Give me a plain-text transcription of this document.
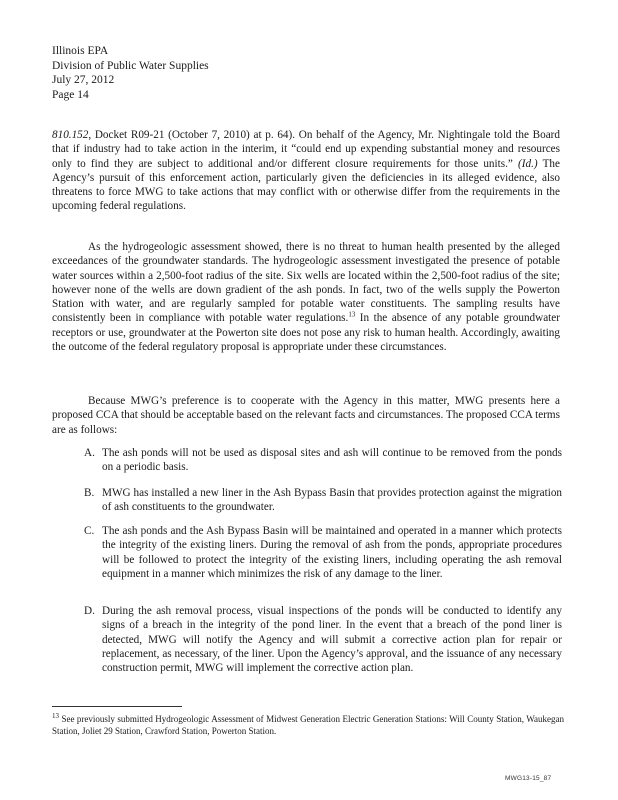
Illinois EPA
Division of Public Water Supplies
July 27, 2012
Page 14
810.152, Docket R09-21 (October 7, 2010) at p. 64). On behalf of the Agency, Mr. Nightingale told the Board that if industry had to take action in the interim, it “could end up expending substantial money and resources only to find they are subject to additional and/or different closure requirements for those units.” (Id.) The Agency’s pursuit of this enforcement action, particularly given the deficiencies in its alleged evidence, also threatens to force MWG to take actions that may conflict with or otherwise differ from the requirements in the upcoming federal regulations.
As the hydrogeologic assessment showed, there is no threat to human health presented by the alleged exceedances of the groundwater standards. The hydrogeologic assessment investigated the presence of potable water sources within a 2,500-foot radius of the site. Six wells are located within the 2,500-foot radius of the site; however none of the wells are down gradient of the ash ponds. In fact, two of the wells supply the Powerton Station with water, and are regularly sampled for potable water constituents. The sampling results have consistently been in compliance with potable water regulations.$^{13}$ In the absence of any potable groundwater receptors or use, groundwater at the Powerton site does not pose any risk to human health. Accordingly, awaiting the outcome of the federal regulatory proposal is appropriate under these circumstances.
Because MWG’s preference is to cooperate with the Agency in this matter, MWG presents here a proposed CCA that should be acceptable based on the relevant facts and circumstances. The proposed CCA terms are as follows:
A. The ash ponds will not be used as disposal sites and ash will continue to be removed from the ponds on a periodic basis.
B. MWG has installed a new liner in the Ash Bypass Basin that provides protection against the migration of ash constituents to the groundwater.
C. The ash ponds and the Ash Bypass Basin will be maintained and operated in a manner which protects the integrity of the existing liners. During the removal of ash from the ponds, appropriate procedures will be followed to protect the integrity of the existing liners, including operating the ash removal equipment in a manner which minimizes the risk of any damage to the liner.
D. During the ash removal process, visual inspections of the ponds will be conducted to identify any signs of a breach in the integrity of the pond liner. In the event that a breach of the pond liner is detected, MWG will notify the Agency and will submit a corrective action plan for repair or replacement, as necessary, of the liner. Upon the Agency’s approval, and the issuance of any necessary construction permit, MWG will implement the corrective action plan.
$^{13}$ See previously submitted Hydrogeologic Assessment of Midwest Generation Electric Generation Stations: Will County Station, Waukegan Station, Joliet 29 Station, Crawford Station, Powerton Station.
MWG13-15_87
